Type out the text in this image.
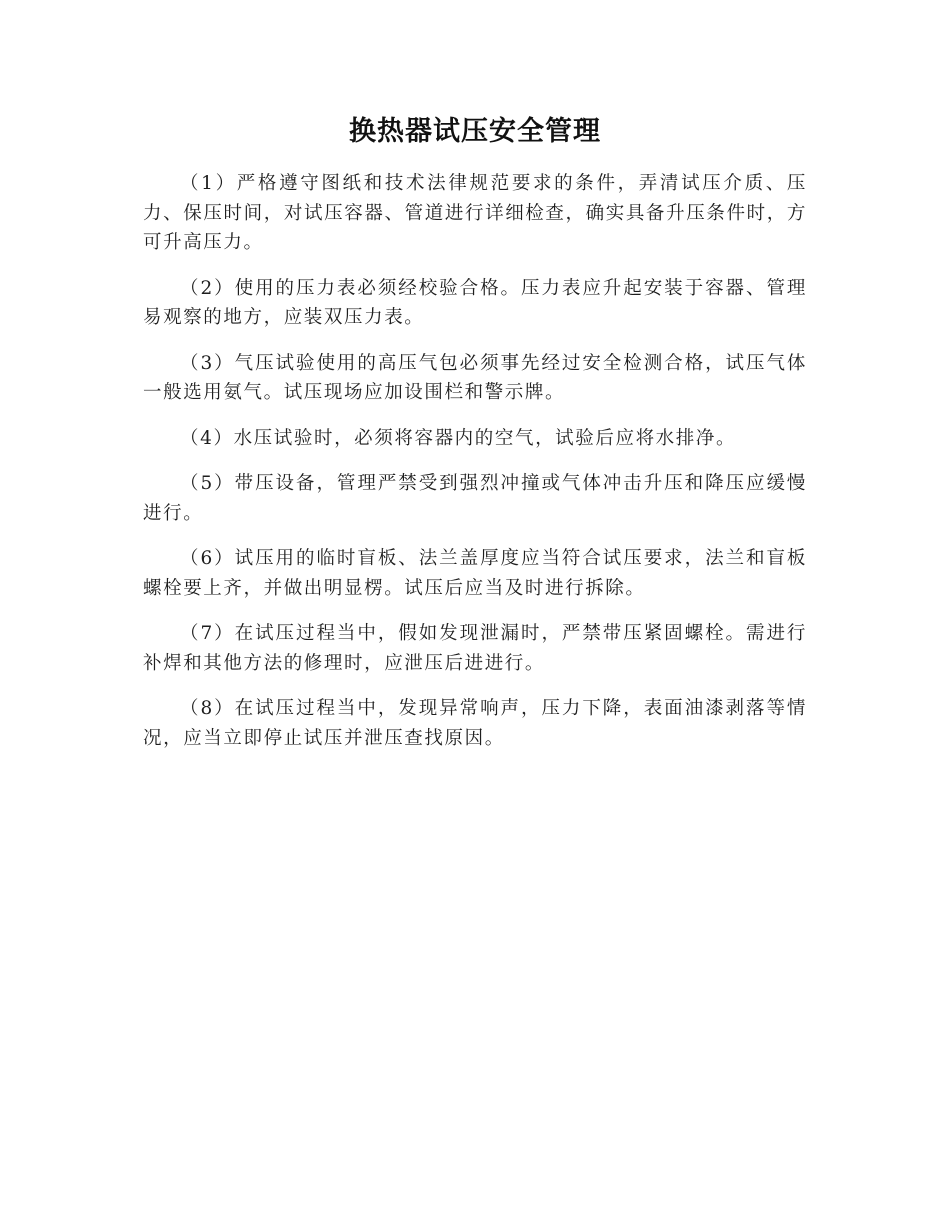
换热器试压安全管理

（1）严格遵守图纸和技术法律规范要求的条件，弄清试压介质、压力、保压时间，对试压容器、管道进行详细检查，确实具备升压条件时，方可升高压力。

（2）使用的压力表必须经校验合格。压力表应升起安装于容器、管理易观察的地方，应装双压力表。

（3）气压试验使用的高压气包必须事先经过安全检测合格，试压气体一般选用氨气。试压现场应加设围栏和警示牌。

（4）水压试验时，必须将容器内的空气，试验后应将水排净。

（5）带压设备，管理严禁受到强烈冲撞或气体冲击升压和降压应缓慢进行。

（6）试压用的临时盲板、法兰盖厚度应当符合试压要求，法兰和盲板螺栓要上齐，并做出明显楞。试压后应当及时进行拆除。

（7）在试压过程当中，假如发现泄漏时，严禁带压紧固螺栓。需进行补焊和其他方法的修理时，应泄压后进进行。

（8）在试压过程当中，发现异常响声，压力下降，表面油漆剥落等情况，应当立即停止试压并泄压查找原因。
